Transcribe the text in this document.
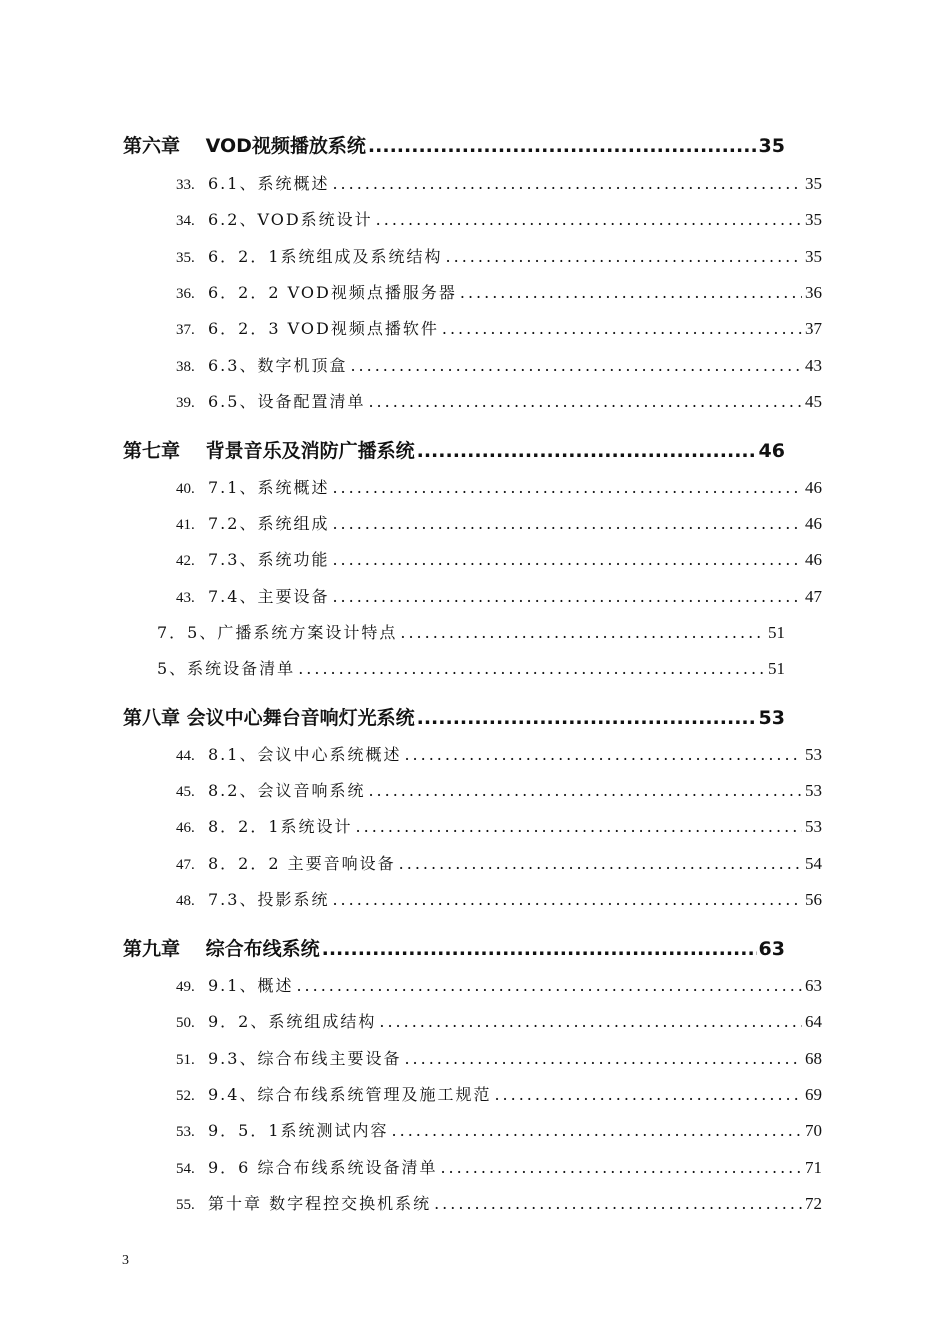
第六章　 VOD视频播放系统 .....	35
33. 6.1、系统概述 .....	35
34. 6.2、VOD系统设计 .....	35
35. 6．2．1系统组成及系统结构 .....	35
36. 6．2．2 VOD视频点播服务器 .....	36
37. 6．2．3 VOD视频点播软件 .....	37
38. 6.3、数字机顶盒 .....	43
39. 6.5、设备配置清单 .....	45
第七章　 背景音乐及消防广播系统 .....	46
40. 7.1、系统概述 .....	46
41. 7.2、系统组成 .....	46
42. 7.3、系统功能 .....	46
43. 7.4、主要设备 .....	47
7．5、广播系统方案设计特点 .....	51
5、系统设备清单 .....	51
第八章 会议中心舞台音响灯光系统 .....	53
44. 8.1、会议中心系统概述 .....	53
45. 8.2、会议音响系统 .....	53
46. 8．2．1系统设计 .....	53
47. 8．2．2 主要音响设备 .....	54
48. 7.3、投影系统 .....	56
第九章　 综合布线系统 .....	63
49. 9.1、概述 .....	63
50. 9．2、系统组成结构 .....	64
51. 9.3、综合布线主要设备 .....	68
52. 9.4、综合布线系统管理及施工规范 .....	69
53. 9．5．1系统测试内容 .....	70
54. 9．6 综合布线系统设备清单 .....	71
55. 第十章 数字程控交换机系统 .....	72
3
